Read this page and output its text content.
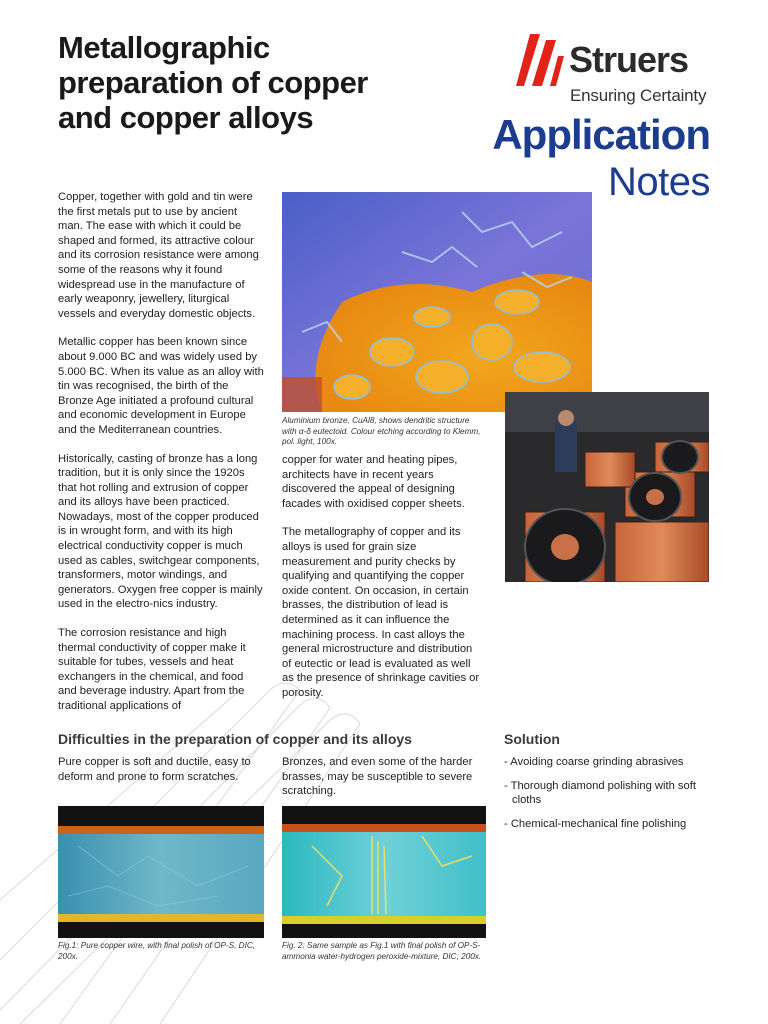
Metallographic
preparation of copper
and copper alloys
Struers
Ensuring Certainty
Application
Notes

Copper, together with gold and tin were the first metals put to use by ancient man. The ease with which it could be shaped and formed, its attractive colour and its corrosion resistance were among some of the reasons why it found widespread use in the manufacture of early weaponry, jewellery, liturgical vessels and everyday domestic objects.

Metallic copper has been known since about 9.000 BC and was widely used by 5.000 BC. When its value as an alloy with tin was recognised, the birth of the Bronze Age initiated a profound cultural and economic development in Europe and the Mediterranean countries.

Historically, casting of bronze has a long tradition, but it is only since the 1920s that hot rolling and extrusion of copper and its alloys have been practiced. Nowadays, most of the copper produced is in wrought form, and with its high electrical conductivity copper is much used as cables, switchgear components, transformers, motor windings, and generators. Oxygen free copper is mainly used in the electro-nics industry.

The corrosion resistance and high thermal conductivity of copper make it suitable for tubes, vessels and heat exchangers in the chemical, and food and beverage industry. Apart from the traditional applications of

Aluminium bronze, CuAl8, shows dendritic structure with α-δ eutectoid. Colour etching according to Klemm, pol. light, 100x.

copper for water and heating pipes, architects have in recent years discovered the appeal of designing facades with oxidised copper sheets.

The metallography of copper and its alloys is used for grain size measurement and purity checks by qualifying and quantifying the copper oxide content. On occasion, in certain brasses, the distribution of lead is determined as it can influence the machining process. In cast alloys the general microstructure and distribution of eutectic or lead is evaluated as well as the presence of shrinkage cavities or porosity.

Difficulties in the preparation of copper and its alloys

Pure copper is soft and ductile, easy to deform and prone to form scratches.

Bronzes, and even some of the harder brasses, may be susceptible to severe scratching.

Fig.1: Pure copper wire, with final polish of OP-S, DIC, 200x.

Fig. 2: Same sample as Fig.1 with final polish of OP-S-ammonia water-hydrogen peroxide-mixture, DIC, 200x.

Solution
- Avoiding coarse grinding abrasives
- Thorough diamond polishing with soft cloths
- Chemical-mechanical fine polishing
